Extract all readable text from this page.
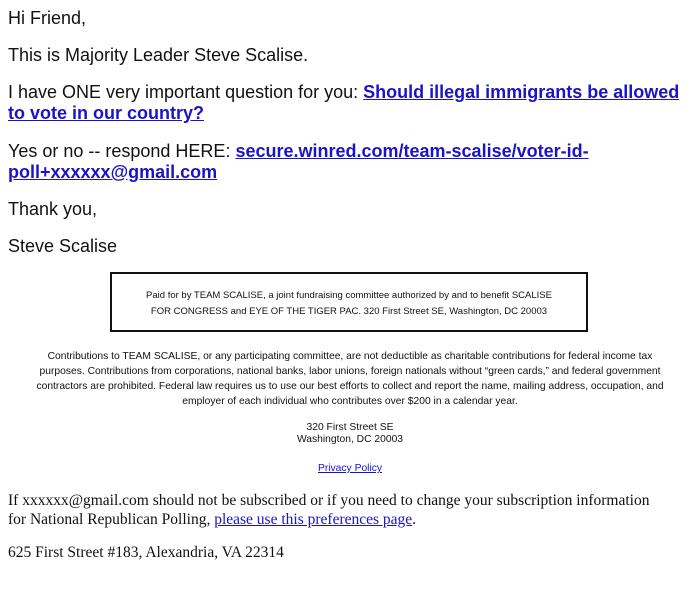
Hi Friend,

This is Majority Leader Steve Scalise.

I have ONE very important question for you: Should illegal immigrants be allowed

to vote in our country?

Yes or no -- respond HERE: secure.winred.com/team-scalise/voter-id-

poll+xxxxxx@gmail.com

Thank you,

Steve Scalise

Paid for by TEAM SCALISE, a joint fundraising committee authorized by and to benefit SCALISE
FOR CONGRESS and EYE OF THE TIGER PAC. 320 First Street SE, Washington, DC 20003
Contributions to TEAM SCALISE, or any participating committee, are not deductible as charitable contributions for federal income tax
purposes. Contributions from corporations, national banks, labor unions, foreign nationals without “green cards,” and federal government
contractors are prohibited. Federal law requires us to use our best efforts to collect and report the name, mailing address, occupation, and
employer of each individual who contributes over $200 in a calendar year.
320 First Street SE
Washington, DC 20003
Privacy Policy

If xxxxxx@gmail.com should not be subscribed or if you need to change your subscription information

for National Republican Polling, please use this preferences page.

625 First Street #183, Alexandria, VA 22314
